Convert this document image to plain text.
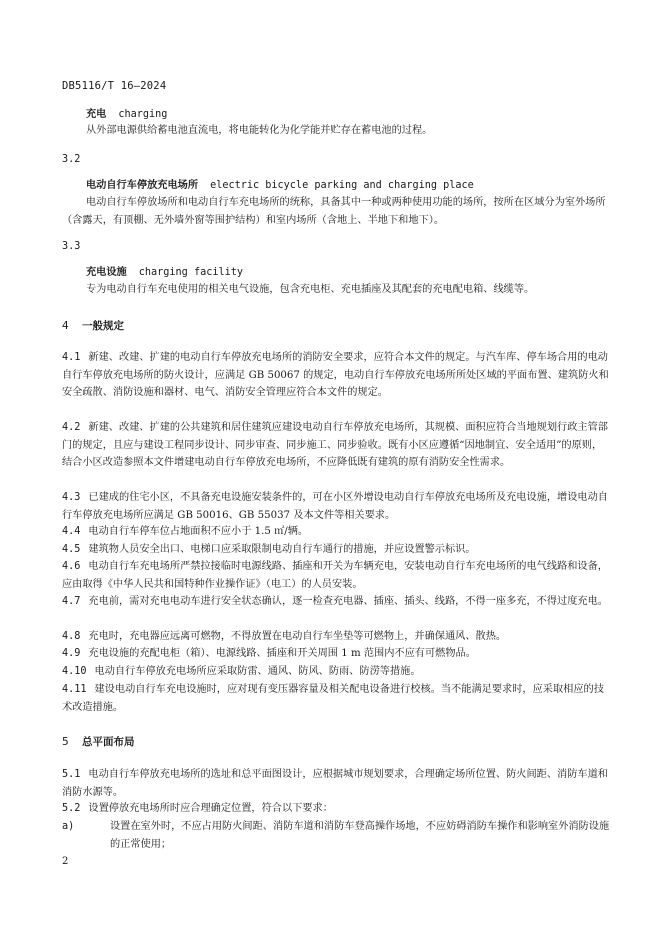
DB5116/T 16—2024
充电 charging
从外部电源供给蓄电池直流电，将电能转化为化学能并贮存在蓄电池的过程。
3.2
电动自行车停放充电场所 electric bicycle parking and charging place
电动自行车停放场所和电动自行车充电场所的统称，具备其中一种或两种使用功能的场所，按所在区域分为室外场所（含露天，有顶棚、无外墙外窗等围护结构）和室内场所（含地上、半地下和地下）。
3.3
充电设施 charging facility
专为电动自行车充电使用的相关电气设施，包含充电柜、充电插座及其配套的充电配电箱、线缆等。
4 一般规定
4.1 新建、改建、扩建的电动自行车停放充电场所的消防安全要求，应符合本文件的规定。与汽车库、停车场合用的电动自行车停放充电场所的防火设计，应满足 GB 50067 的规定，电动自行车停放充电场所所处区域的平面布置、建筑防火和安全疏散、消防设施和器材、电气、消防安全管理应符合本文件的规定。
4.2 新建、改建、扩建的公共建筑和居住建筑应建设电动自行车停放充电场所，其规模、面积应符合当地规划行政主管部门的规定，且应与建设工程同步设计、同步审查、同步施工、同步验收。既有小区应遵循“因地制宜、安全适用”的原则，结合小区改造参照本文件增建电动自行车停放充电场所，不应降低既有建筑的原有消防安全性需求。
4.3 已建成的住宅小区，不具备充电设施安装条件的，可在小区外增设电动自行车停放充电场所及充电设施，增设电动自行车停放充电场所应满足 GB 50016、GB 55037 及本文件等相关要求。
4.4 电动自行车停车位占地面积不应小于 1.5 ㎡/辆。
4.5 建筑物人员安全出口、电梯口应采取限制电动自行车通行的措施，并应设置警示标识。
4.6 电动自行车充电场所严禁拉接临时电源线路、插座和开关为车辆充电，安装电动自行车充电场所的电气线路和设备，应由取得《中华人民共和国特种作业操作证》（电工）的人员安装。
4.7 充电前，需对充电电动车进行安全状态确认，逐一检查充电器、插座、插头、线路，不得一座多充，不得过度充电。
4.8 充电时，充电器应远离可燃物，不得放置在电动自行车坐垫等可燃物上，并确保通风、散热。
4.9 充电设施的充配电柜（箱）、电源线路、插座和开关周围 1 m 范围内不应有可燃物品。
4.10 电动自行车停放充电场所应采取防雷、通风、防风、防雨、防涝等措施。
4.11 建设电动自行车充电设施时，应对现有变压器容量及相关配电设备进行校核。当不能满足要求时，应采取相应的技术改造措施。
5 总平面布局
5.1 电动自行车停放充电场所的选址和总平面图设计，应根据城市规划要求，合理确定场所位置、防火间距、消防车道和消防水源等。
5.2 设置停放充电场所时应合理确定位置，符合以下要求：
a)	设置在室外时，不应占用防火间距、消防车道和消防车登高操作场地，不应妨碍消防车操作和影响室外消防设施的正常使用；
2
